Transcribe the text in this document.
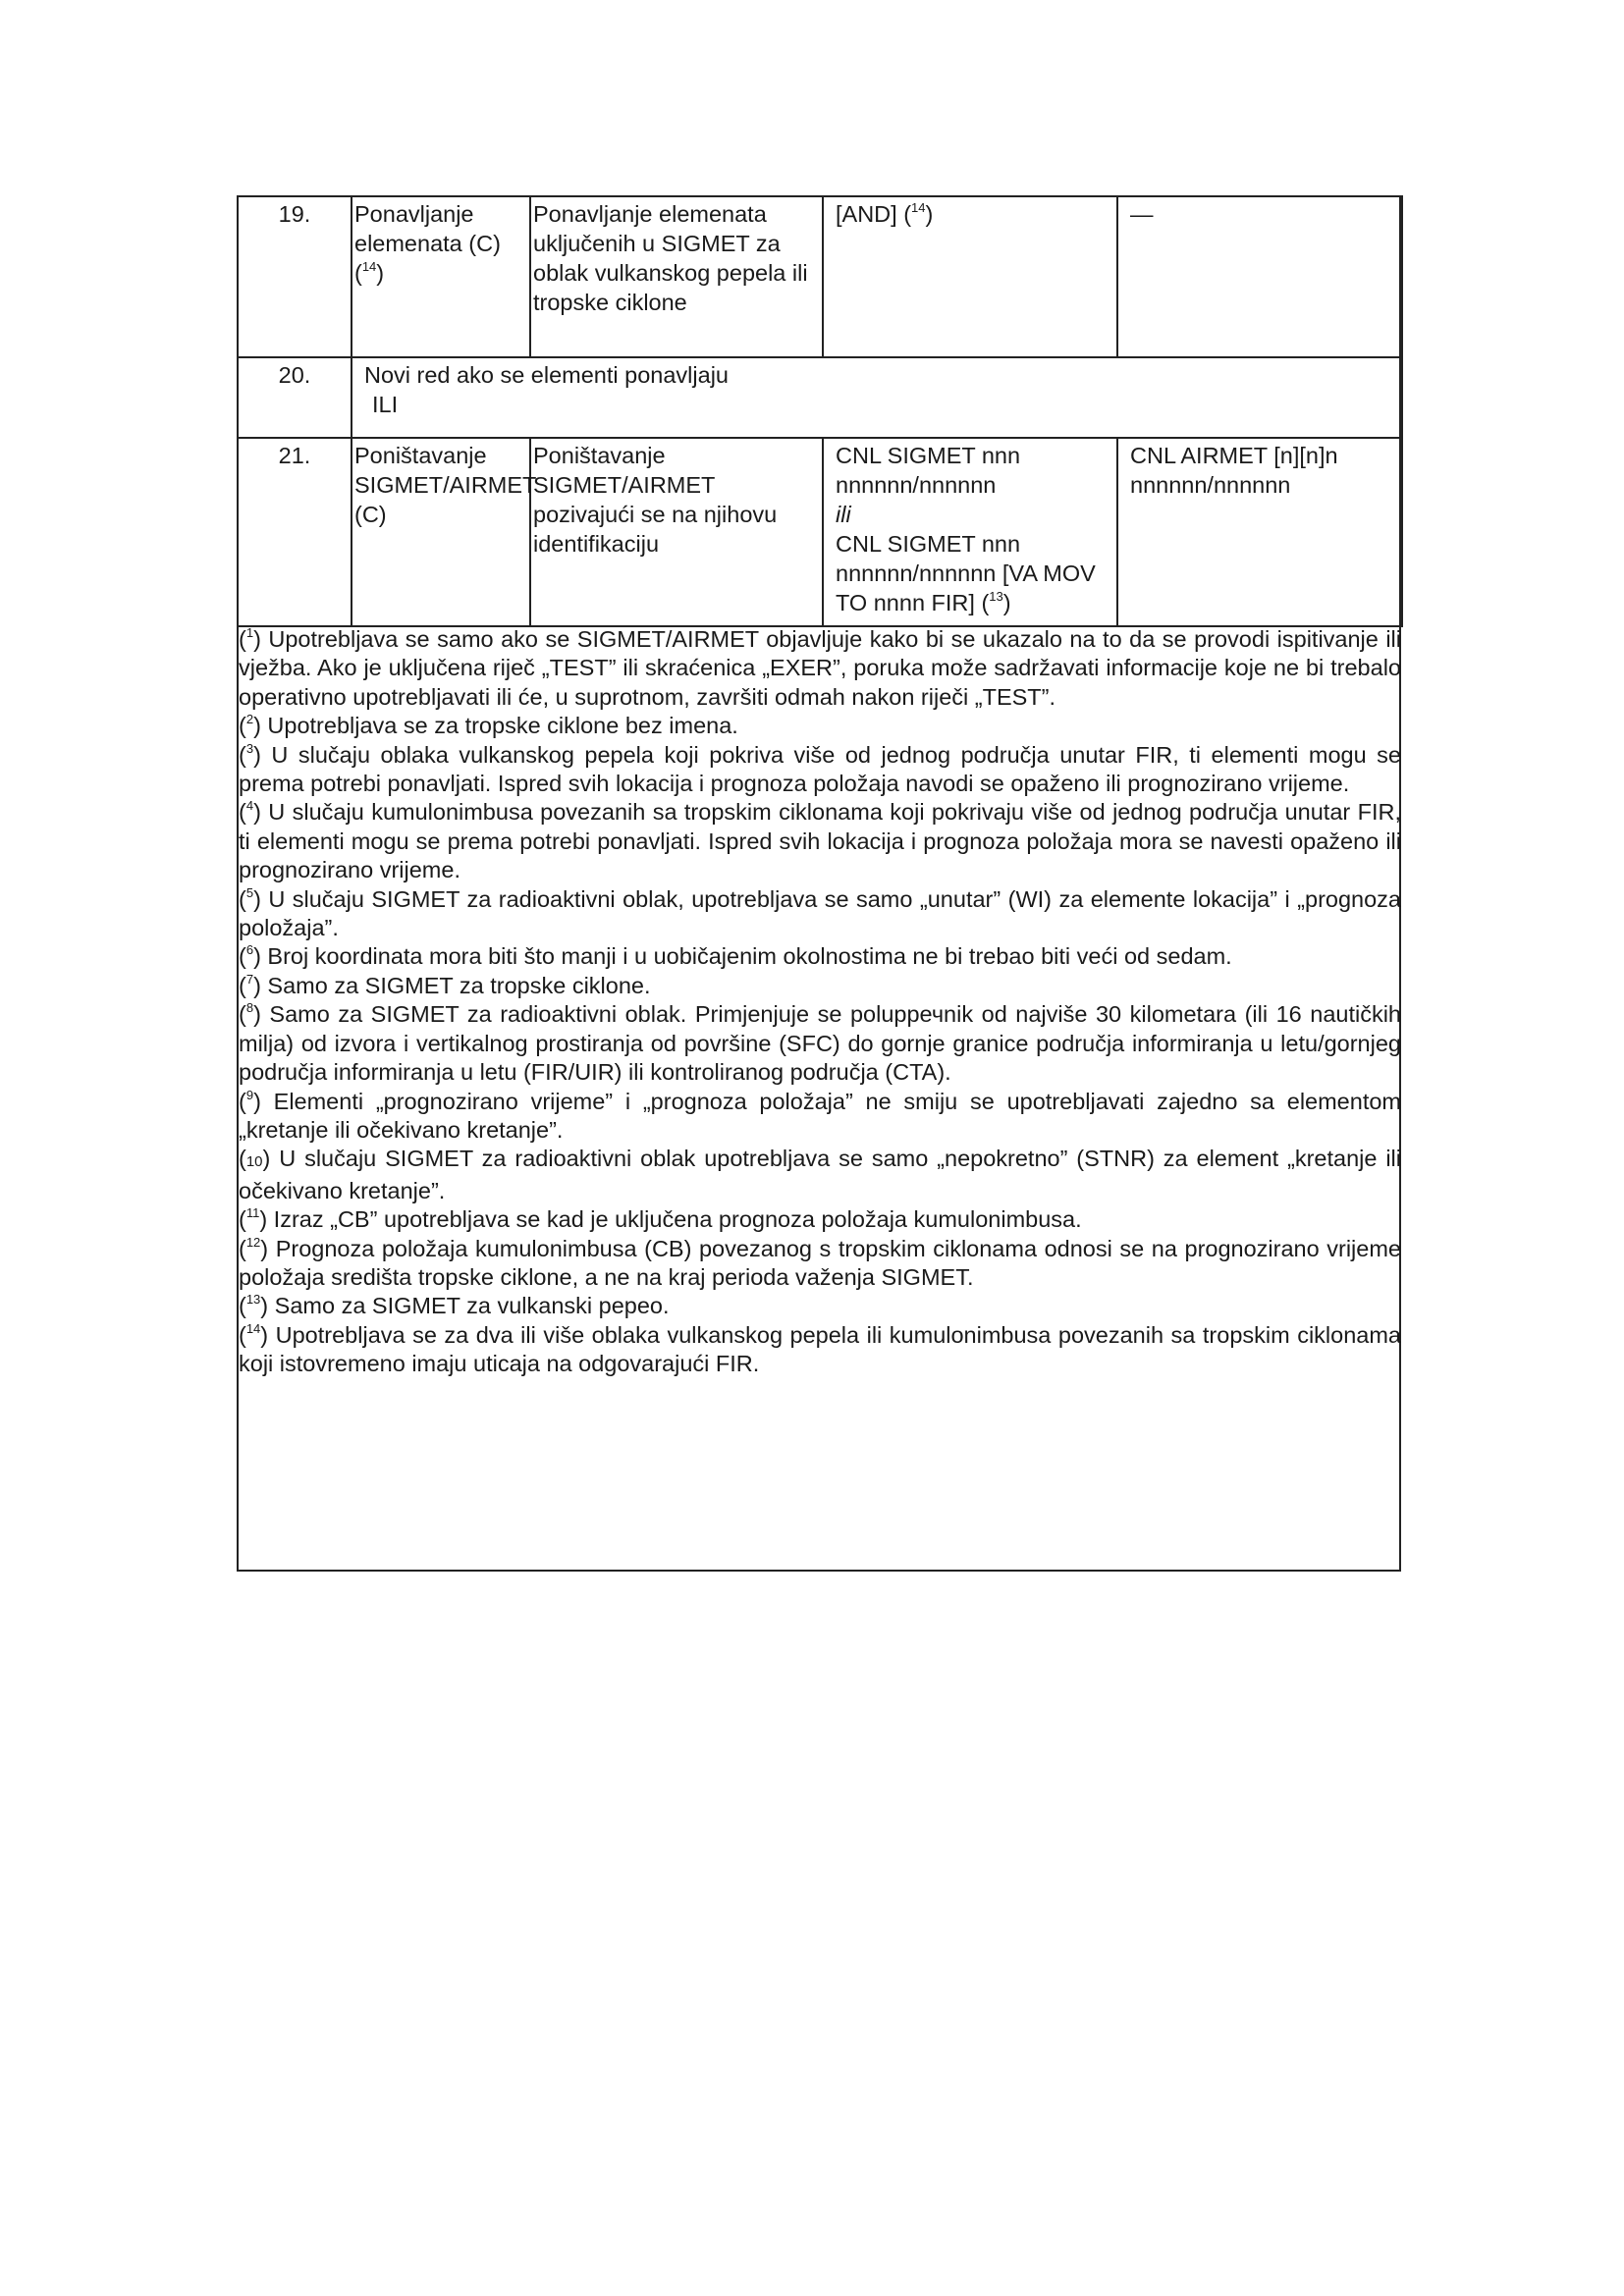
19.	Ponavljanje elemenata (C) ($^{14}$)	Ponavljanje elemenata uključenih u SIGMET za oblak vulkanskog pepela ili tropske ciklone	[AND] ($^{14}$)	—
20.	Novi red ako se elementi ponavljaju
ILI			

21.	Poništavanje SIGMET/AIRMET (C)	Poništavanje SIGMET/AIRMET pozivajući se na njihovu identifikaciju	CNL SIGMET nnn nnnnnn/nnnnnn
ili
CNL SIGMET nnn nnnnnn/nnnnnn [VA MOV TO nnnn FIR] ($^{13}$)	CNL AIRMET [n][n]n nnnnnn/nnnnnn
($^1$) Upotrebljava se samo ako se SIGMET/AIRMET objavljuje kako bi se ukazalo na to da se provodi ispitivanje ili vježba. Ako je uključena riječ „TEST” ili skraćenica „EXER”, poruka može sadržavati informacije koje ne bi trebalo operativno upotrebljavati ili će, u suprotnom, završiti odmah nakon riječi „TEST”.
($^2$) Upotrebljava se za tropske ciklone bez imena.
($^3$) U slučaju oblaka vulkanskog pepela koji pokriva više od jednog područja unutar FIR, ti elementi mogu se prema potrebi ponavljati. Ispred svih lokacija i prognoza položaja navodi se opaženo ili prognozirano vrijeme.
($^4$) U slučaju kumulonimbusa povezanih sa tropskim ciklonama koji pokrivaju više od jednog područja unutar FIR, ti elementi mogu se prema potrebi ponavljati. Ispred svih lokacija i prognoza položaja mora se navesti opaženo ili prognozirano vrijeme.
($^5$) U slučaju SIGMET za radioaktivni oblak, upotrebljava se samo „unutar” (WI) za elemente lokacija” i „prognoza položaja”.
($^6$) Broj koordinata mora biti što manji i u uobičajenim okolnostima ne bi trebao biti veći od sedam.
($^7$) Samo za SIGMET za tropske ciklone.
($^8$) Samo za SIGMET za radioaktivni oblak. Primjenjuje se polupречnik od najviše 30 kilometara (ili 16 nautičkih milja) od izvora i vertikalnog prostiranja od površine (SFC) do gornje granice područja informiranja u letu/gornjeg područja informiranja u letu (FIR/UIR) ili kontroliranog područja (CTA).
($^9$) Elementi „prognozirano vrijeme” i „prognoza položaja” ne smiju se upotrebljavati zajedno sa elementom „kretanje ili očekivano kretanje”.
(10) U slučaju SIGMET za radioaktivni oblak upotrebljava se samo „nepokretno” (STNR) za element „kretanje ili očekivano kretanje”.
($^{11}$) Izraz „CB” upotrebljava se kad je uključena prognoza položaja kumulonimbusa.
($^{12}$) Prognoza položaja kumulonimbusa (CB) povezanog s tropskim ciklonama odnosi se na prognozirano vrijeme položaja središta tropske ciklone, a ne na kraj perioda važenja SIGMET.
($^{13}$) Samo za SIGMET za vulkanski pepeo.
($^{14}$) Upotrebljava se za dva ili više oblaka vulkanskog pepela ili kumulonimbusa povezanih sa tropskim ciklonama koji istovremeno imaju uticaja na odgovarajući FIR.
